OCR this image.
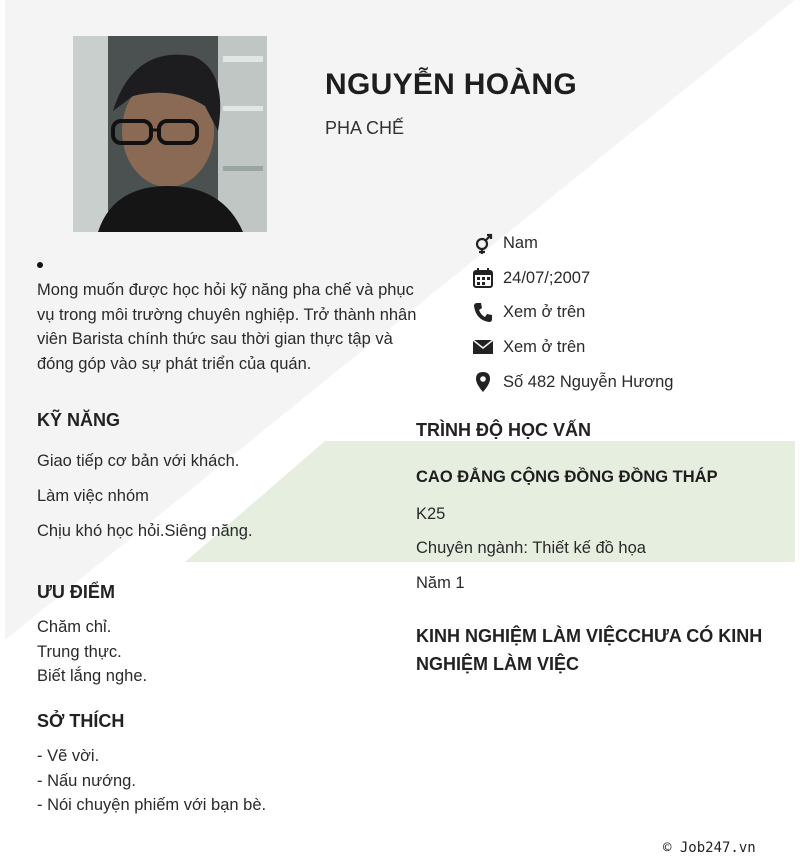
NGUYỄN HOÀNG
PHA CHẾ
Mong muốn được học hỏi kỹ năng pha chế và phục vụ trong môi trường chuyên nghiệp. Trở thành nhân viên Barista chính thức sau thời gian thực tập và đóng góp vào sự phát triển của quán.
Nam
24/07/;2007
Xem ở trên
Xem ở trên
Số 482 Nguyễn Hương
KỸ NĂNG
Giao tiếp cơ bản với khách.
Làm việc nhóm
Chịu khó học hỏi.Siêng năng.
ƯU ĐIỂM
Chăm chỉ.
Trung thực.
Biết lắng nghe.
SỞ THÍCH
- Vẽ vời.
- Nấu nướng.
- Nói chuyện phiếm với bạn bè.
TRÌNH ĐỘ HỌC VẤN
CAO ĐẲNG CỘNG ĐỒNG ĐỒNG THÁP
K25
Chuyên ngành: Thiết kế đồ họa
Năm 1
KINH NGHIỆM LÀM VIỆCCHƯA CÓ KINH NGHIỆM LÀM VIỆC
© Job247.vn
